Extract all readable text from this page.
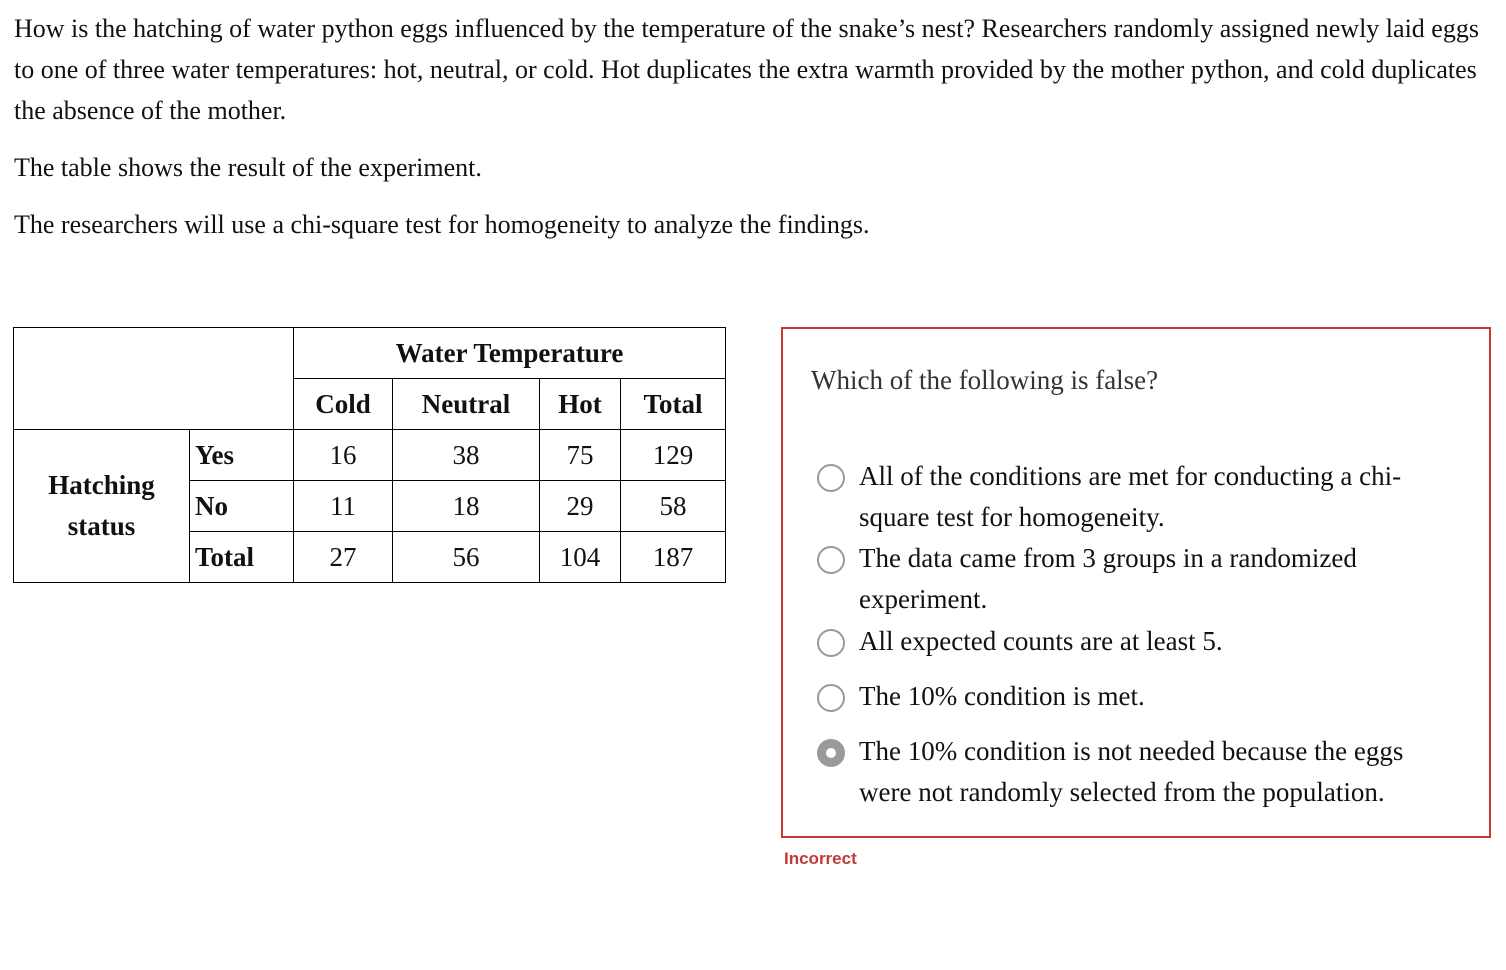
How is the hatching of water python eggs influenced by the temperature of the snake’s nest? Researchers randomly assigned newly laid eggs to one of three water temperatures: hot, neutral, or cold. Hot duplicates the extra warmth provided by the mother python, and cold duplicates the absence of the mother.

The table shows the result of the experiment.

The researchers will use a chi-square test for homogeneity to analyze the findings.

		Water Temperature			
		Cold	Neutral	Hot	Total
Hatching
status	Yes	16	38	75	129
	No	11	18	29	58
	Total	27	56	104	187
Which of the following is false?
All of the conditions are met for conducting a chi-square test for homogeneity.
The data came from 3 groups in a randomized experiment.
All expected counts are at least 5.
The 10% condition is met.
The 10% condition is not needed because the eggs were not randomly selected from the population.
Incorrect
